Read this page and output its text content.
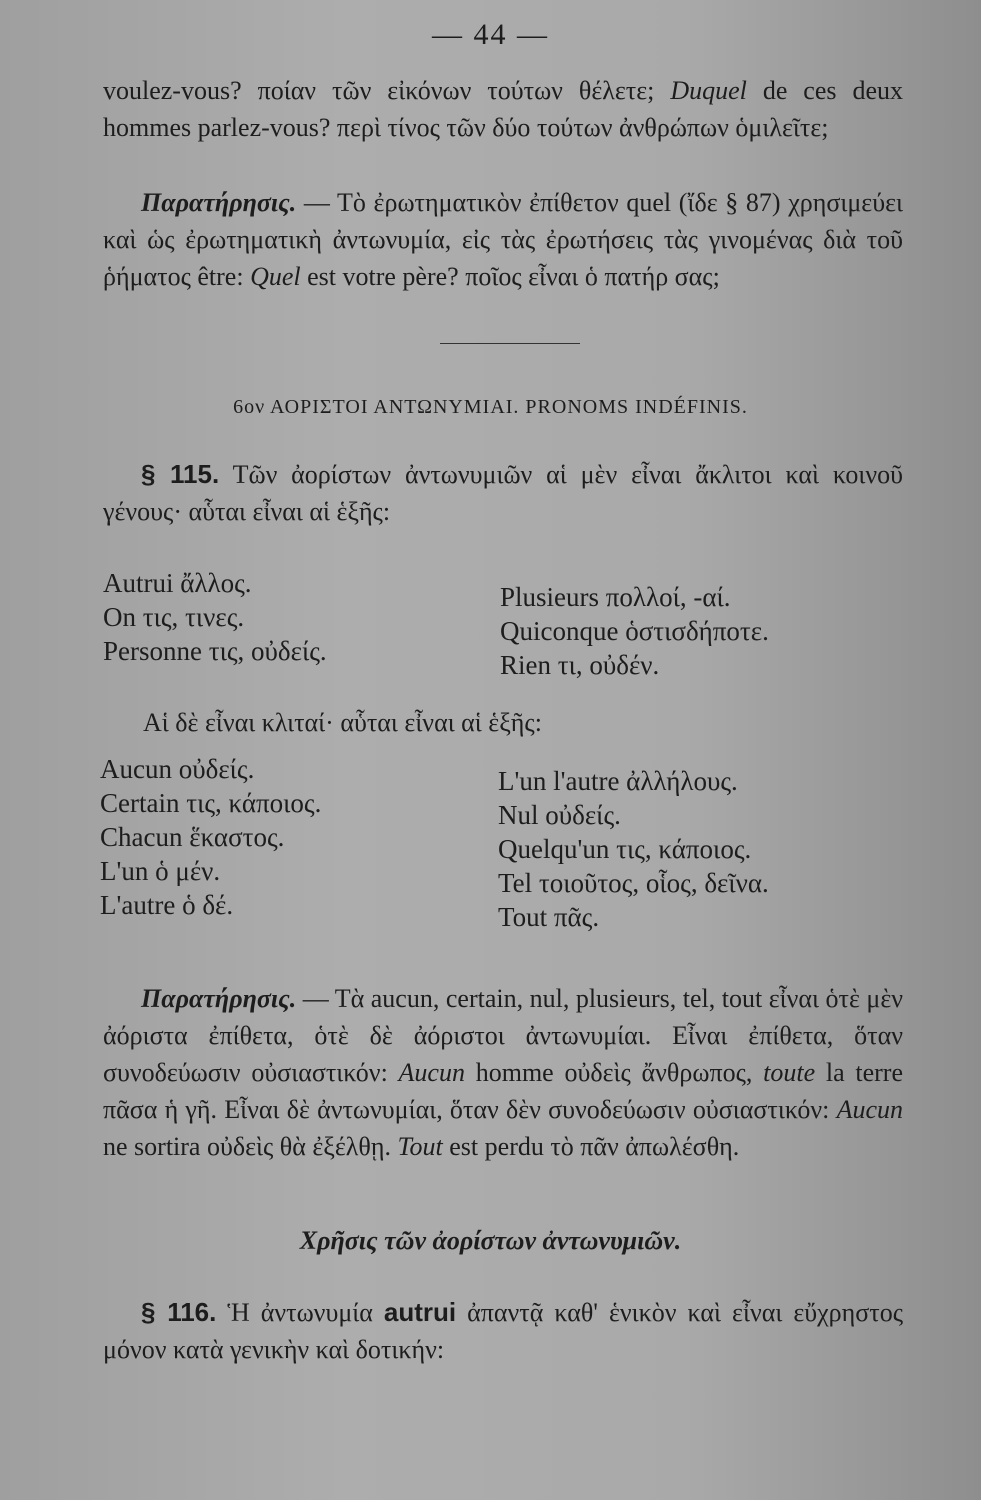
— 44 —

voulez-vous? ποίαν τῶν εἰκόνων τούτων θέλετε; Duquel de ces deux hommes parlez-vous? περὶ τίνος τῶν δύο τούτων ἀνθρώπων ὁμιλεῖτε;

Παρατήρησις. — Τὸ ἐρωτηματικὸν ἐπίθετον quel (ἴδε § 87) χρησιμεύει καὶ ὡς ἐρωτηματικὴ ἀντωνυμία, εἰς τὰς ἐρωτήσεις τὰς γινομένας διὰ τοῦ ῥήματος être: Quel est votre père? ποῖος εἶναι ὁ πατήρ σας;

6ον ΑΟΡΙΣΤΟΙ ΑΝΤΩΝΥΜΙΑΙ. PRONOMS INDÉFINIS.

§ 115. Τῶν ἀορίστων ἀντωνυμιῶν αἱ μὲν εἶναι ἄκλιτοι καὶ κοινοῦ γένους· αὗται εἶναι αἱ ἑξῆς:

Autrui ἄλλος.
On τις, τινες.
Personne τις, οὐδείς.
Plusieurs πολλοί, -αί.
Quiconque ὁστισδήποτε.
Rien τι, οὐδέν.

Αἱ δὲ εἶναι κλιταί· αὗται εἶναι αἱ ἑξῆς:

Aucun οὐδείς.
Certain τις, κάποιος.
Chacun ἕκαστος.
L'un ὁ μέν.
L'autre ὁ δέ.
L'un l'autre ἀλλήλους.
Nul οὐδείς.
Quelqu'un τις, κάποιος.
Tel τοιοῦτος, οἷος, δεῖνα.
Tout πᾶς.

Παρατήρησις. — Τὰ aucun, certain, nul, plusieurs, tel, tout εἶναι ὁτὲ μὲν ἀόριστα ἐπίθετα, ὁτὲ δὲ ἀόριστοι ἀντωνυμίαι. Εἶναι ἐπίθετα, ὅταν συνοδεύωσιν οὐσιαστικόν: Aucun homme οὐδεὶς ἄνθρωπος, toute la terre πᾶσα ἡ γῆ. Εἶναι δὲ ἀντωνυμίαι, ὅταν δὲν συνοδεύωσιν οὐσιαστικόν: Aucun ne sortira οὐδεὶς θὰ ἐξέλθῃ. Tout est perdu τὸ πᾶν ἀπωλέσθη.

Χρῆσις τῶν ἀορίστων ἀντωνυμιῶν.

§ 116. Ἡ ἀντωνυμία autrui ἀπαντᾷ καθ' ἑνικὸν καὶ εἶναι εὔχρηστος μόνον κατὰ γενικὴν καὶ δοτικήν:
